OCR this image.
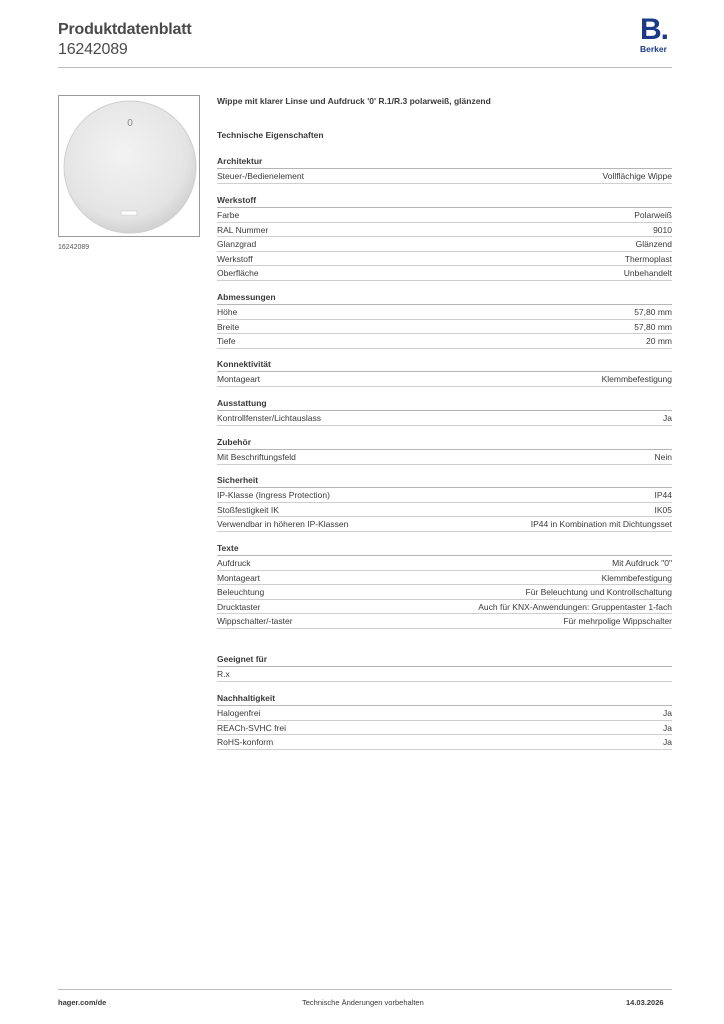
Produktdatenblatt
16242089
B.
Berker
0
16242089
Wippe mit klarer Linse und Aufdruck '0' R.1/R.3 polarweiß, glänzend
Technische Eigenschaften
Architektur
Steuer-/Bedienelement	Vollflächige Wippe
Werkstoff
Farbe	Polarweiß
RAL Nummer	9010
Glanzgrad	Glänzend
Werkstoff	Thermoplast
Oberfläche	Unbehandelt
Abmessungen
Höhe	57,80 mm
Breite	57,80 mm
Tiefe	20 mm
Konnektivität
Montageart	Klemmbefestigung
Ausstattung
Kontrollfenster/Lichtauslass	Ja
Zubehör
Mit Beschriftungsfeld	Nein
Sicherheit
IP-Klasse (Ingress Protection)	IP44
Stoßfestigkeit IK	IK05
Verwendbar in höheren IP-Klassen	IP44 in Kombination mit Dichtungsset
Texte
Aufdruck	Mit Aufdruck "0"
Montageart	Klemmbefestigung
Beleuchtung	Für Beleuchtung und Kontrollschaltung
Drucktaster	Auch für KNX-Anwendungen: Gruppentaster 1-fach
Wippschalter/-taster	Für mehrpolige Wippschalter
Geeignet für
R.x
Nachhaltigkeit
Halogenfrei	Ja
REACh-SVHC frei	Ja
RoHS-konform	Ja
hager.com/de	Technische Änderungen vorbehalten	14.03.2026
